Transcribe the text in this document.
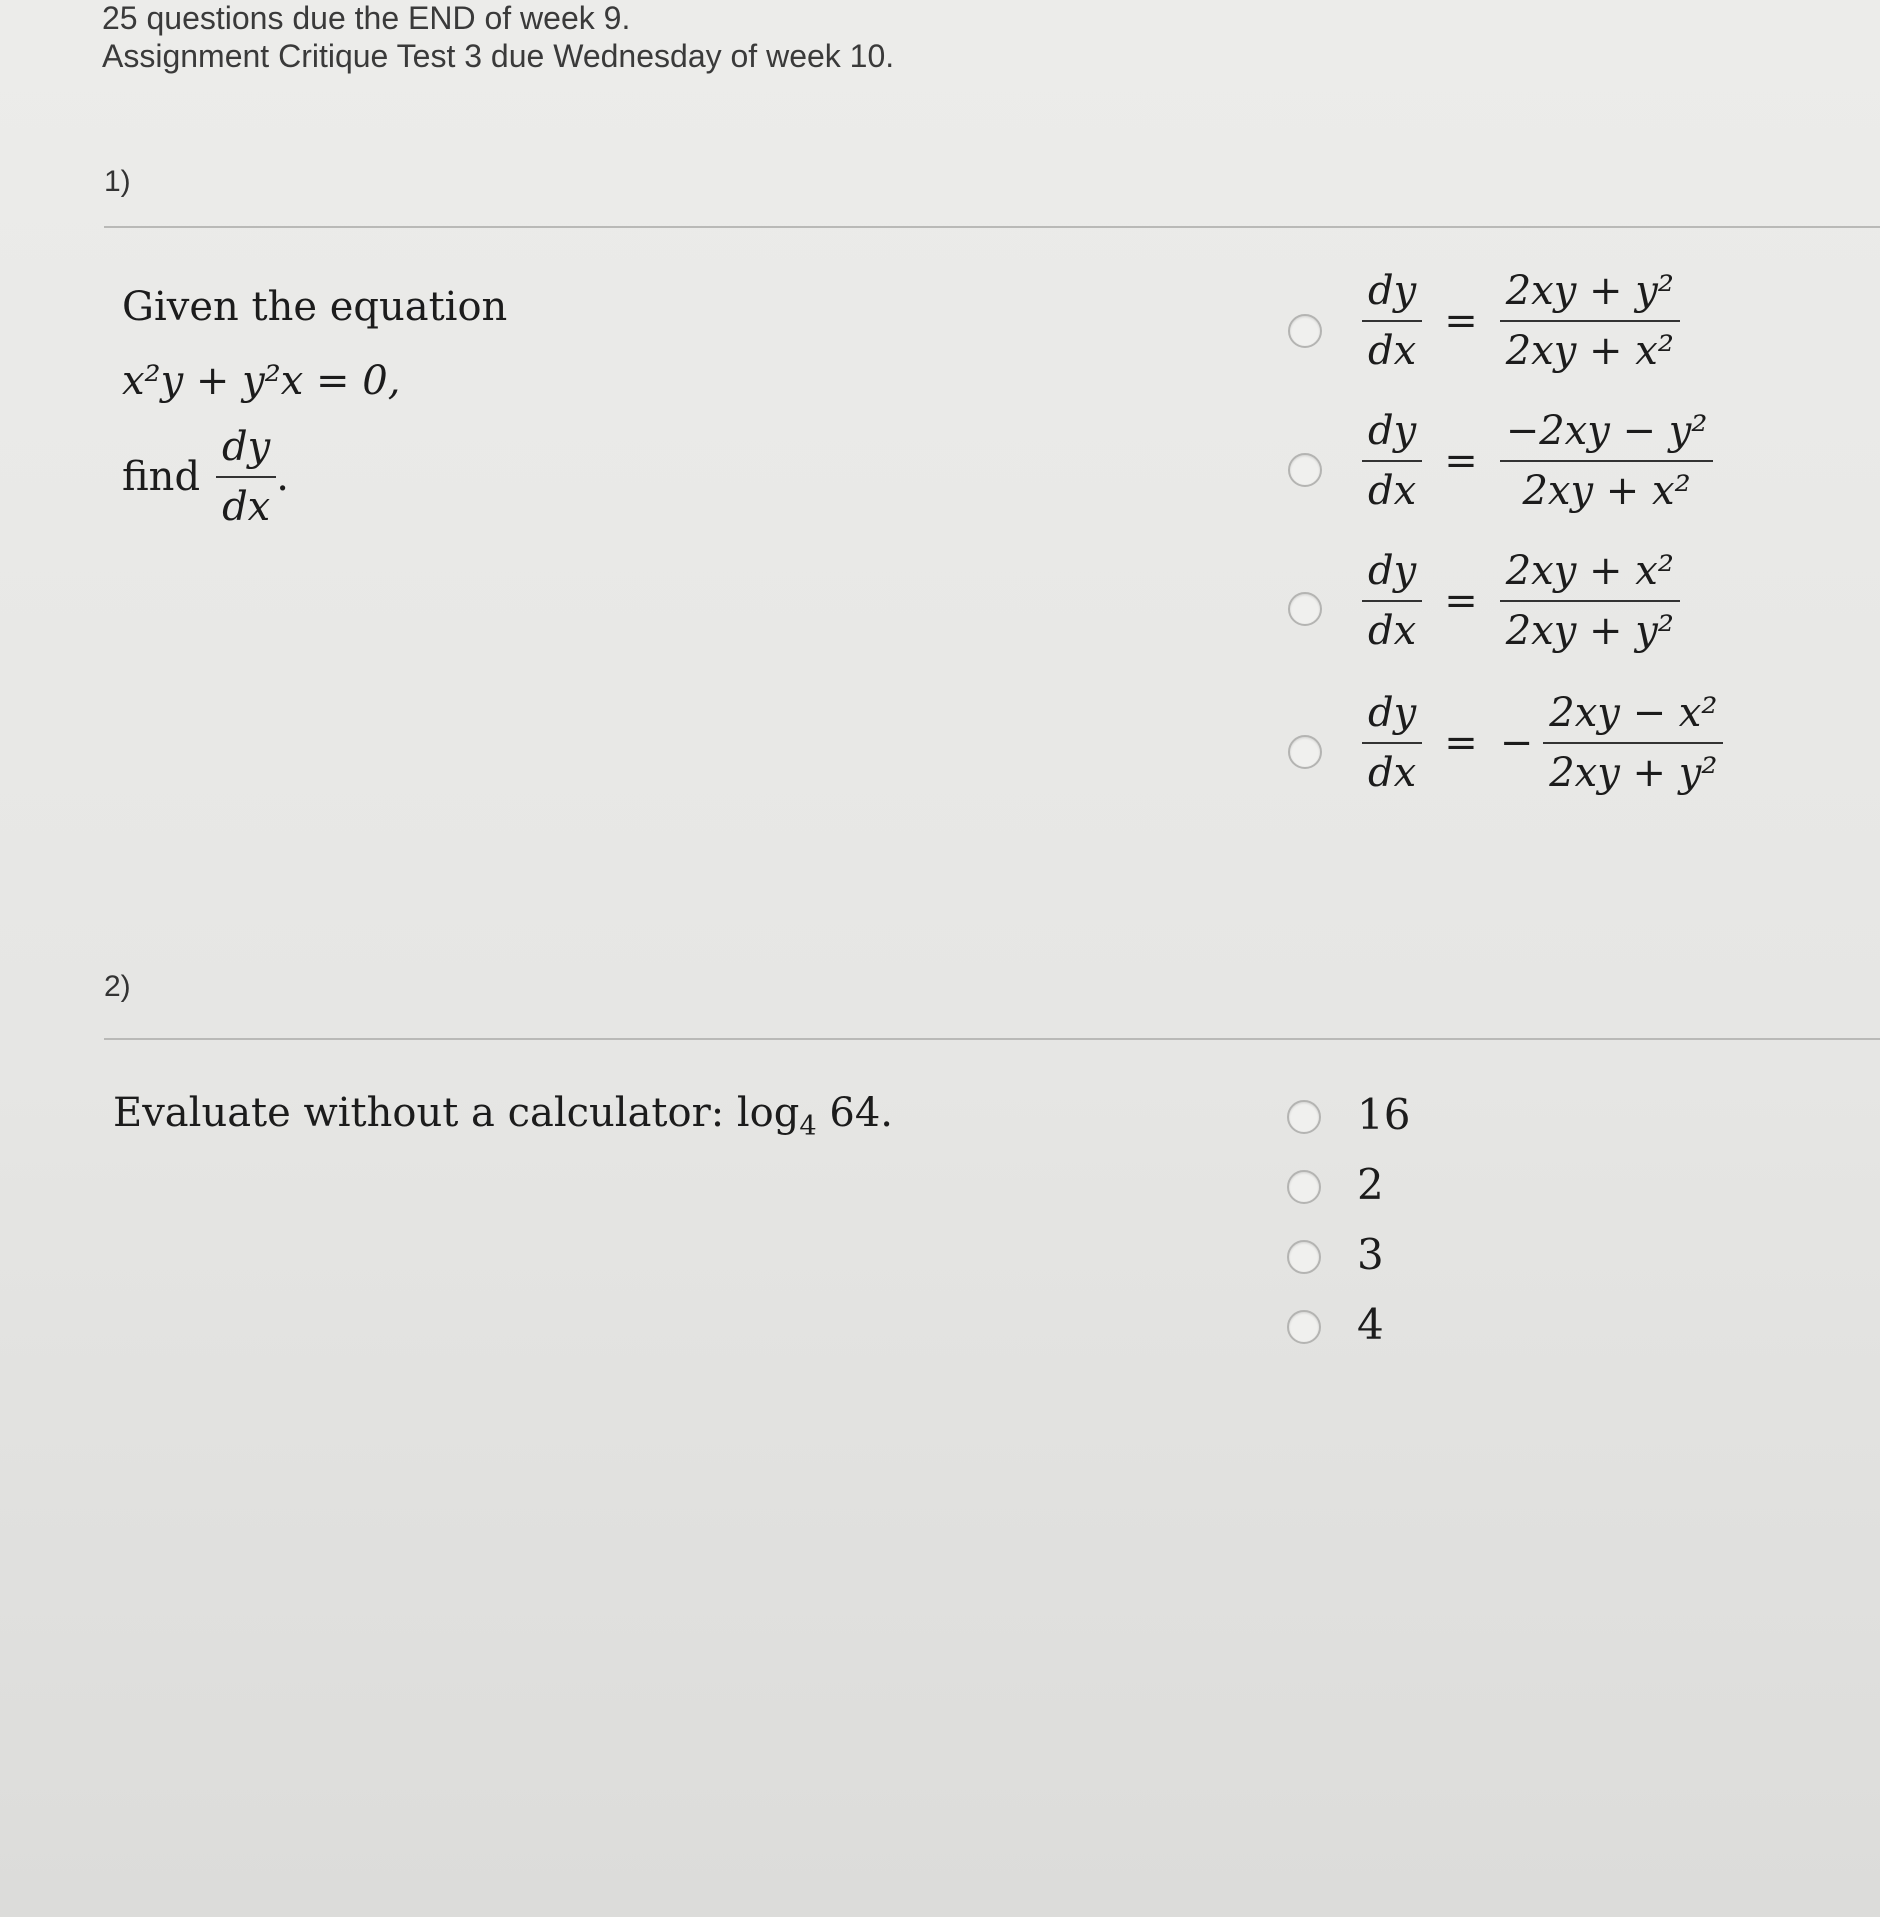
25 questions due the END of week 9.
Assignment Critique Test 3 due Wednesday of week 10.
1)
Given the equation
x²y + y²x = 0,
find $\frac{dy}{dx}$ .
$\frac{dy}{dx} = \frac{\text{2xy + y²}}{\text{2xy + x²}}$
$\frac{dy}{dx} = \frac{\text{−2xy − y²}}{\text{2xy + x²}}$
$\frac{dy}{dx} = \frac{\text{2xy + x²}}{\text{2xy + y²}}$
$\frac{dy}{dx}$ = − $\frac{\text{2xy − x²}}{\text{2xy + y²}}$
2)
Evaluate without a calculator: $\log_4 64$.	16
2
3
4
